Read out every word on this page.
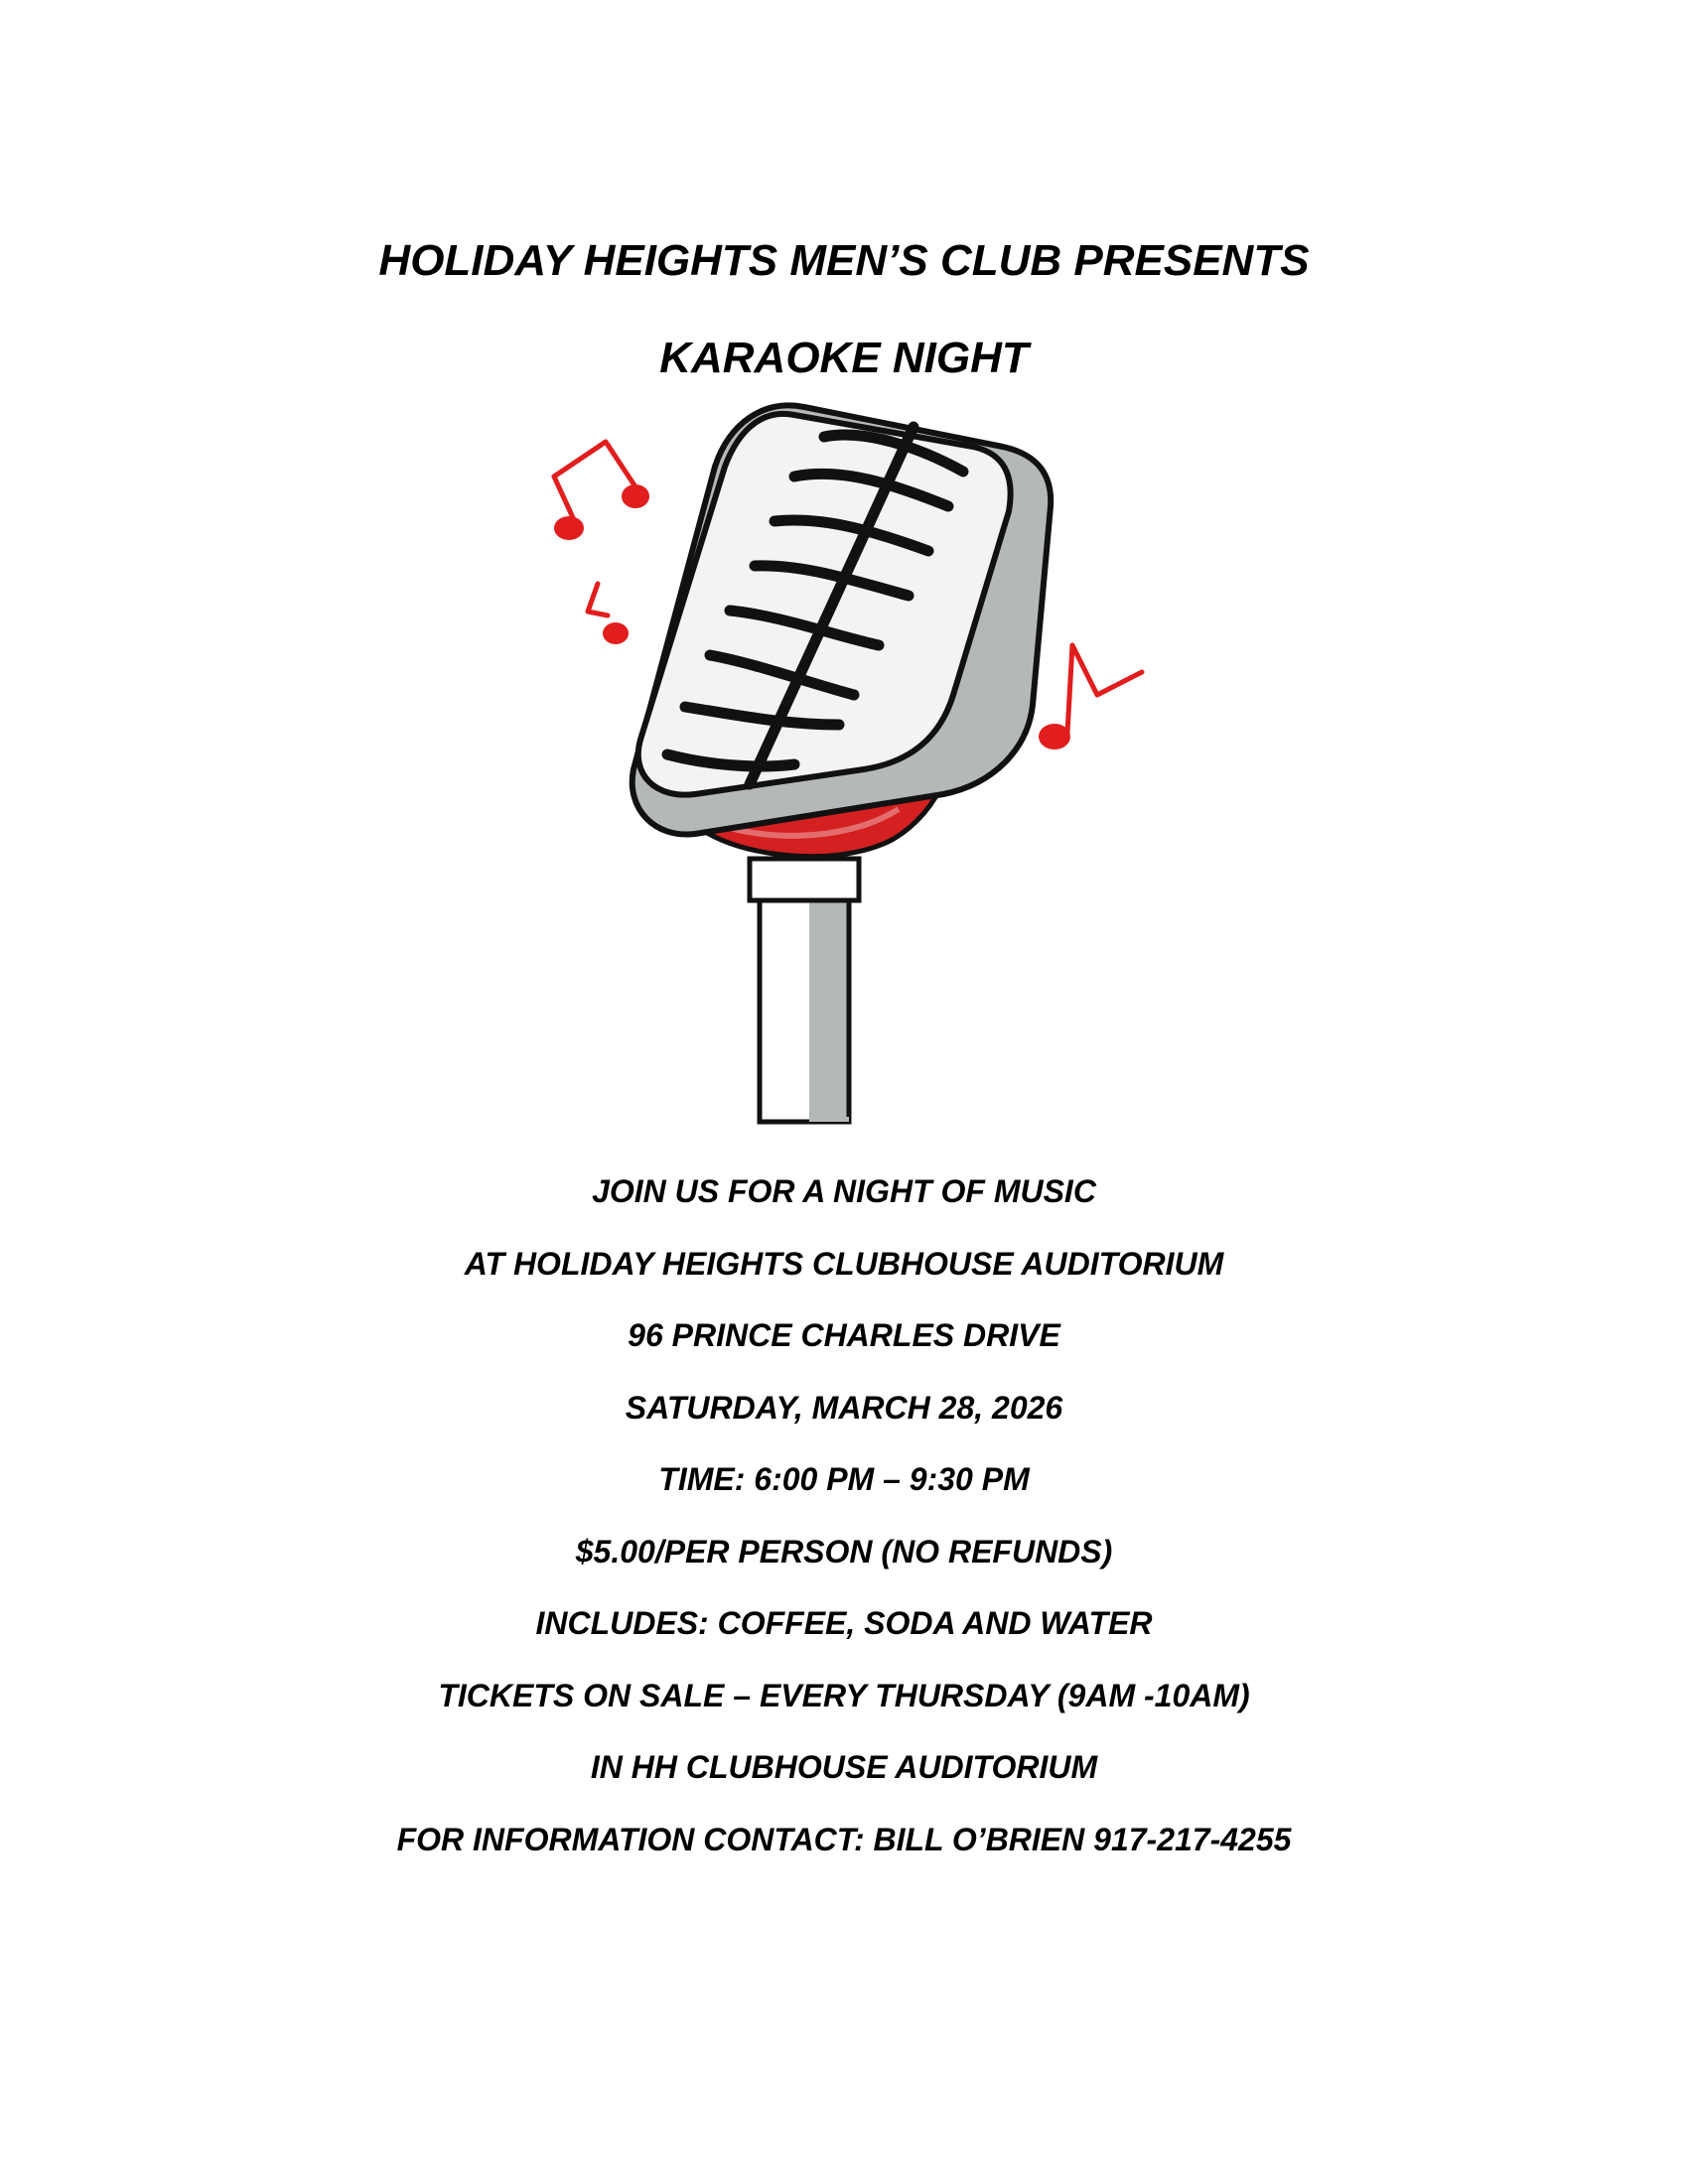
HOLIDAY HEIGHTS MEN’S CLUB PRESENTS
KARAOKE NIGHT
JOIN US FOR A NIGHT OF MUSIC
AT HOLIDAY HEIGHTS CLUBHOUSE AUDITORIUM
96 PRINCE CHARLES DRIVE
SATURDAY, MARCH 28, 2026
TIME: 6:00 PM – 9:30 PM
$5.00/PER PERSON (NO REFUNDS)
INCLUDES: COFFEE, SODA AND WATER
TICKETS ON SALE – EVERY THURSDAY (9AM -10AM)
IN HH CLUBHOUSE AUDITORIUM
FOR INFORMATION CONTACT: BILL O’BRIEN 917-217-4255
